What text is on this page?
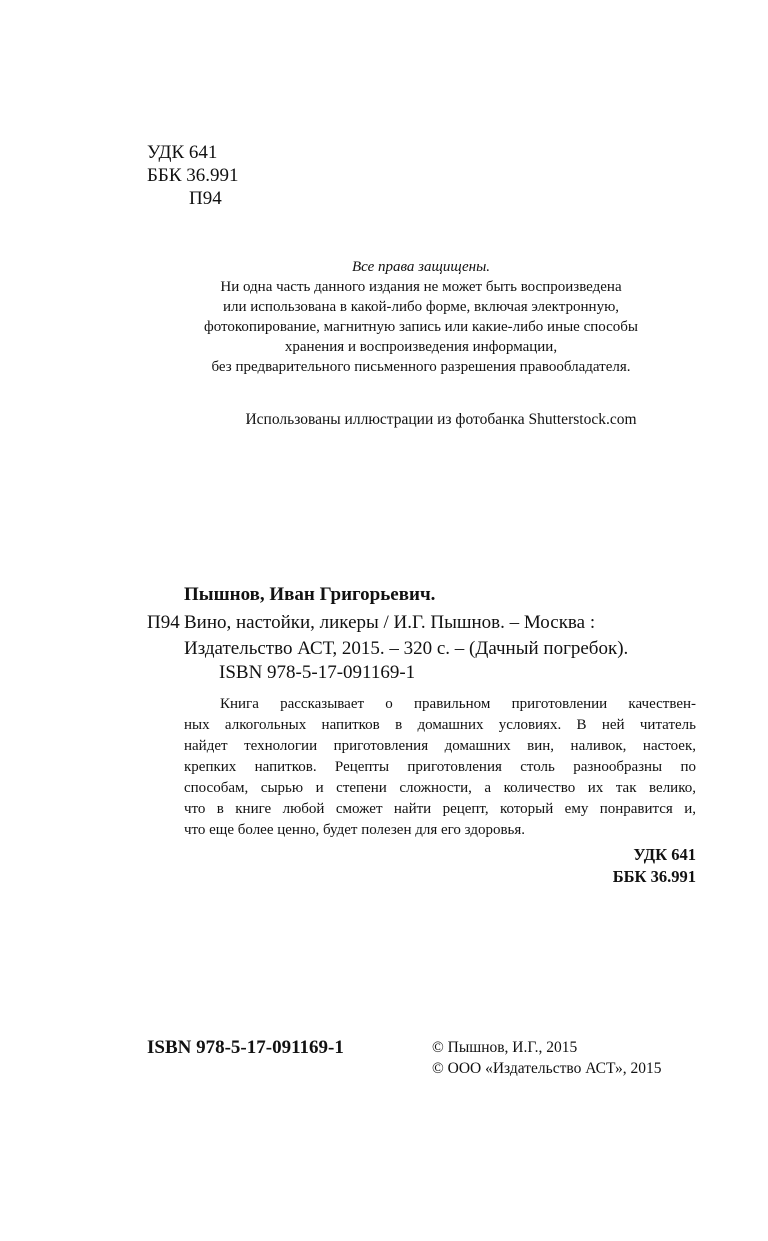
УДК 641
ББК 36.991
П94
Все права защищены.
Ни одна часть данного издания не может быть воспроизведена
или использована в какой-либо форме, включая электронную,
фотокопирование, магнитную запись или какие-либо иные способы
хранения и воспроизведения информации,
без предварительного письменного разрешения правообладателя.
Использованы иллюстрации из фотобанка Shutterstock.com
Пышнов, Иван Григорьевич.
П94 Вино, настойки, ликеры / И.Г. Пышнов. – Москва :
Издательство АСТ, 2015. – 320 с. – (Дачный погребок).
ISBN 978-5-17-091169-1
Книга рассказывает о правильном приготовлении качествен-
ных алкогольных напитков в домашних условиях. В ней читатель
найдет технологии приготовления домашних вин, наливок, настоек,
крепких напитков. Рецепты приготовления столь разнообразны по
способам, сырью и степени сложности, а количество их так велико,
что в книге любой сможет найти рецепт, который ему понравится и,
что еще более ценно, будет полезен для его здоровья.
УДК 641
ББК 36.991
ISBN 978-5-17-091169-1	© Пышнов, И.Г., 2015
© ООО «Издательство АСТ», 2015
